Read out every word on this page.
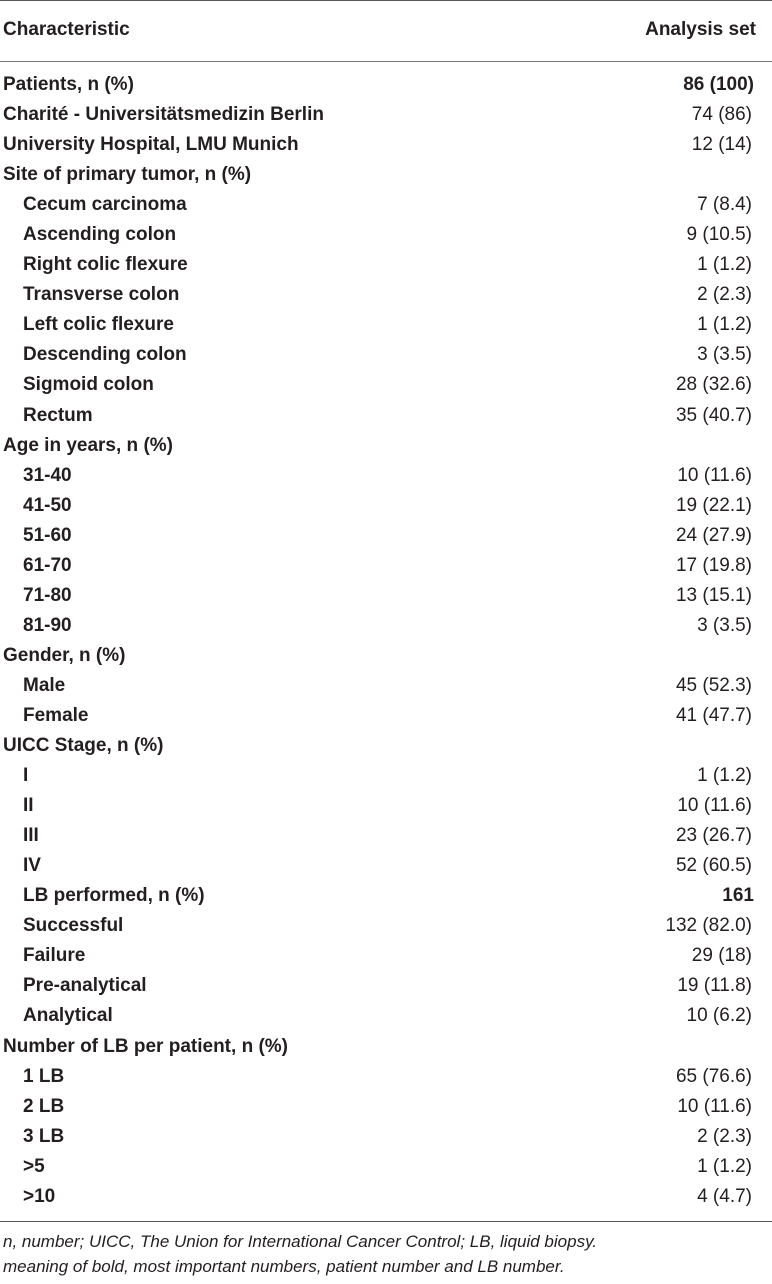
Characteristic	Analysis set
Patients, n (%)	86 (100)
Charité - Universitätsmedizin Berlin	74 (86)
University Hospital, LMU Munich	12 (14)
Site of primary tumor, n (%)
Cecum carcinoma	7 (8.4)
Ascending colon	9 (10.5)
Right colic flexure	1 (1.2)
Transverse colon	2 (2.3)
Left colic flexure	1 (1.2)
Descending colon	3 (3.5)
Sigmoid colon	28 (32.6)
Rectum	35 (40.7)
Age in years, n (%)
31-40	10 (11.6)
41-50	19 (22.1)
51-60	24 (27.9)
61-70	17 (19.8)
71-80	13 (15.1)
81-90	3 (3.5)
Gender, n (%)
Male	45 (52.3)
Female	41 (47.7)
UICC Stage, n (%)
I	1 (1.2)
II	10 (11.6)
III	23 (26.7)
IV	52 (60.5)
LB performed, n (%)	161
Successful	132 (82.0)
Failure	29 (18)
Pre-analytical	19 (11.8)
Analytical	10 (6.2)
Number of LB per patient, n (%)
1 LB	65 (76.6)
2 LB	10 (11.6)
3 LB	2 (2.3)
>5	1 (1.2)
>10	4 (4.7)
n, number; UICC, The Union for International Cancer Control; LB, liquid biopsy.
meaning of bold, most important numbers, patient number and LB number.
